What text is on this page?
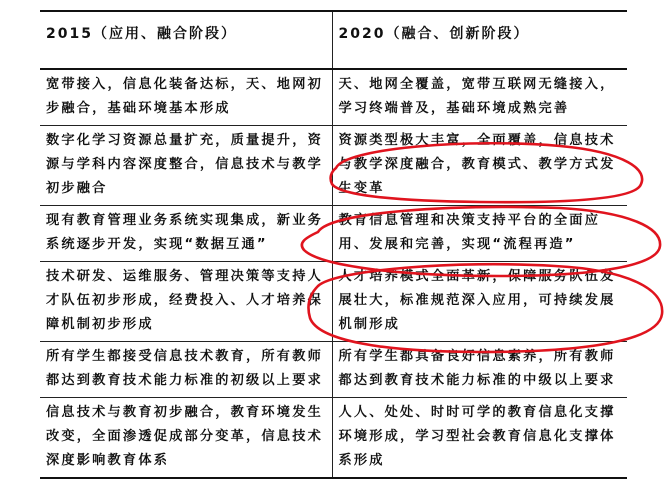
2015（应用、融合阶段）	2020（融合、创新阶段）
宽带接入，信息化装备达标，天、地网初步融合，基础环境基本形成	天、地网全覆盖，宽带互联网无缝接入，学习终端普及，基础环境成熟完善
数字化学习资源总量扩充，质量提升，资源与学科内容深度整合，信息技术与教学初步融合	资源类型极大丰富，全面覆盖，信息技术与教学深度融合，教育模式、教学方式发生变革
现有教育管理业务系统实现集成，新业务系统逐步开发，实现“数据互通”	教育信息管理和决策支持平台的全面应用、发展和完善，实现“流程再造”
技术研发、运维服务、管理决策等支持人才队伍初步形成，经费投入、人才培养保障机制初步形成	人才培养模式全面革新，保障服务队伍发展壮大，标准规范深入应用，可持续发展机制形成
所有学生都接受信息技术教育，所有教师都达到教育技术能力标准的初级以上要求	所有学生都具备良好信息素养，所有教师都达到教育技术能力标准的中级以上要求
信息技术与教育初步融合，教育环境发生改变，全面渗透促成部分变革，信息技术深度影响教育体系	人人、处处、时时可学的教育信息化支撑环境形成，学习型社会教育信息化支撑体系形成
